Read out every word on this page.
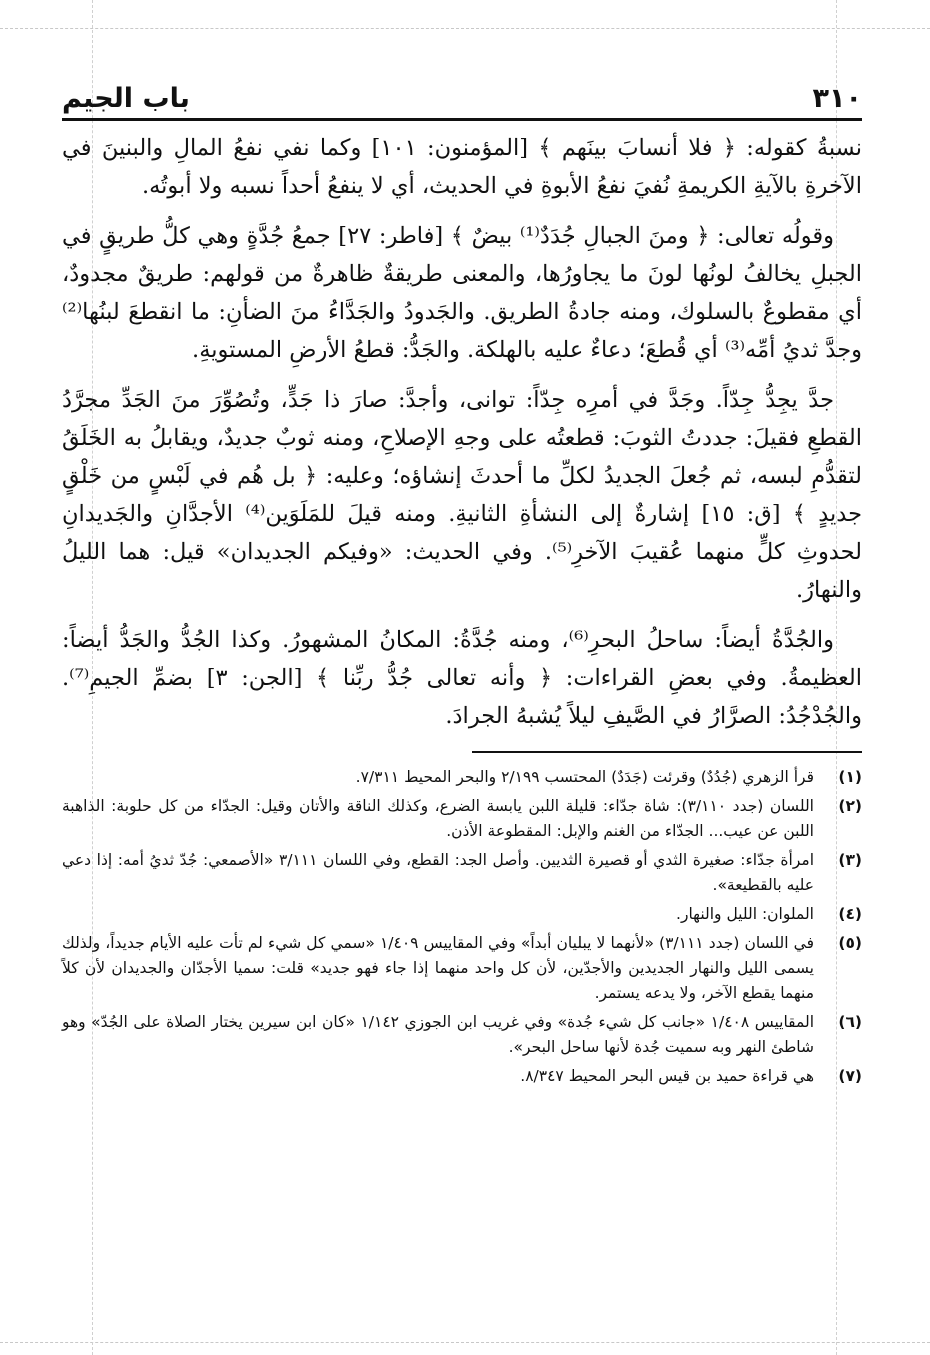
٣١٠
باب الجيم

نسبةُ كقوله: ﴿ فلا أنسابَ بينَهم ﴾ [المؤمنون: ١٠١] وكما نفي نفعُ المالِ والبنينَ في الآخرةِ بالآيةِ الكريمةِ نُفيَ نفعُ الأبوةِ في الحديث، أي لا ينفعُ أحداً نسبه ولا أبوتُه.

وقولُه تعالى: ﴿ ومنَ الجبالِ جُدَدٌ⁽¹⁾ بيضٌ ﴾ [فاطر: ٢٧] جمعُ جُدَّةٍ وهي كلُّ طريقٍ في الجبلِ يخالفُ لونُها لونَ ما يجاورُها، والمعنى طريقةٌ ظاهرةٌ من قولهم: طريقٌ مجدودٌ، أي مقطوعٌ بالسلوك، ومنه جادةُ الطريق. والجَدودُ والجَدَّاءُ منَ الضأنِ: ما انقطعَ لبنُها⁽²⁾ وجدَّ ثديُ أمِّه⁽³⁾ أي قُطعَ؛ دعاءٌ عليه بالهلكة. والجَدُّ: قطعُ الأرضِ المستويةِ.

جدَّ يجِدُّ جِدّاً. وجَدَّ في أمرِه جِدّاً: توانى، وأجدَّ: صارَ ذا جَدٍّ، وتُصُوِّرَ منَ الجَدِّ مجرَّدُ القطعِ فقيلَ: جددتُ الثوبَ: قطعتُه على وجهِ الإصلاحِ، ومنه ثوبٌ جديدٌ، ويقابلُ به الخَلَقُ لتقدُّمِ لبسه، ثم جُعلَ الجديدُ لكلِّ ما أحدثَ إنشاؤه؛ وعليه: ﴿ بل هُم في لَبْسٍ من خَلْقٍ جديدٍ ﴾ [ق: ١٥] إشارةٌ إلى النشأةِ الثانيةِ. ومنه قيلَ للمَلَوَين⁽⁴⁾ الأجدَّانِ والجَديدانِ لحدوثِ كلٍّ منهما عُقيبَ الآخرِ⁽⁵⁾. وفي الحديث: «وفيكم الجديدان» قيل: هما الليلُ والنهارُ.

والجُدَّةُ أيضاً: ساحلُ البحرِ⁽⁶⁾، ومنه جُدَّةُ: المكانُ المشهورُ. وكذا الجُدُّ والجَدُّ أيضاً: العظيمةُ. وفي بعضِ القراءات: ﴿ وأنه تعالى جُدُّ ربِّنا ﴾ [الجن: ٣] بضمِّ الجيمِ⁽⁷⁾. والجُدْجُدُ: الصرَّارُ في الصَّيفِ ليلاً يُشبهُ الجرادَ.

(١)
قرأ الزهري (جُدُدٌ) وقرئت (جَدَدٌ) المحتسب ٢/١٩٩ والبحر المحيط ٧/٣١١.
(٢)
اللسان (جدد ٣/١١٠): شاة جدّاء: قليلة اللبن يابسة الضرع، وكذلك الناقة والأتان وقيل: الجدّاء من كل حلوبة: الذاهبة اللبن عن عيب... الجدّاء من الغنم والإبل: المقطوعة الأذن.
(٣)
امرأة جدّاء: صغيرة الثدي أو قصيرة الثديين. وأصل الجد: القطع، وفي اللسان ٣/١١١ «الأصمعي: جُدّ ثديُ أمه: إذا دعي عليه بالقطيعة».
(٤)
الملوان: الليل والنهار.
(٥)
في اللسان (جدد ٣/١١١) «لأنهما لا يبليان أبداً» وفي المقاييس ١/٤٠٩ «سمي كل شيء لم تأت عليه الأيام جديداً، ولذلك يسمى الليل والنهار الجديدين والأجدّين، لأن كل واحد منهما إذا جاء فهو جديد» قلت: سميا الأجدّان والجديدان لأن كلاً منهما يقطع الآخر، ولا يدعه يستمر.
(٦)
المقاييس ١/٤٠٨ «جانب كل شيء جُدة» وفي غريب ابن الجوزي ١/١٤٢ «كان ابن سيرين يختار الصلاة على الجُدّ» وهو شاطئ النهر وبه سميت جُدة لأنها ساحل البحر».
(٧)
هي قراءة حميد بن قيس البحر المحيط ٨/٣٤٧.
